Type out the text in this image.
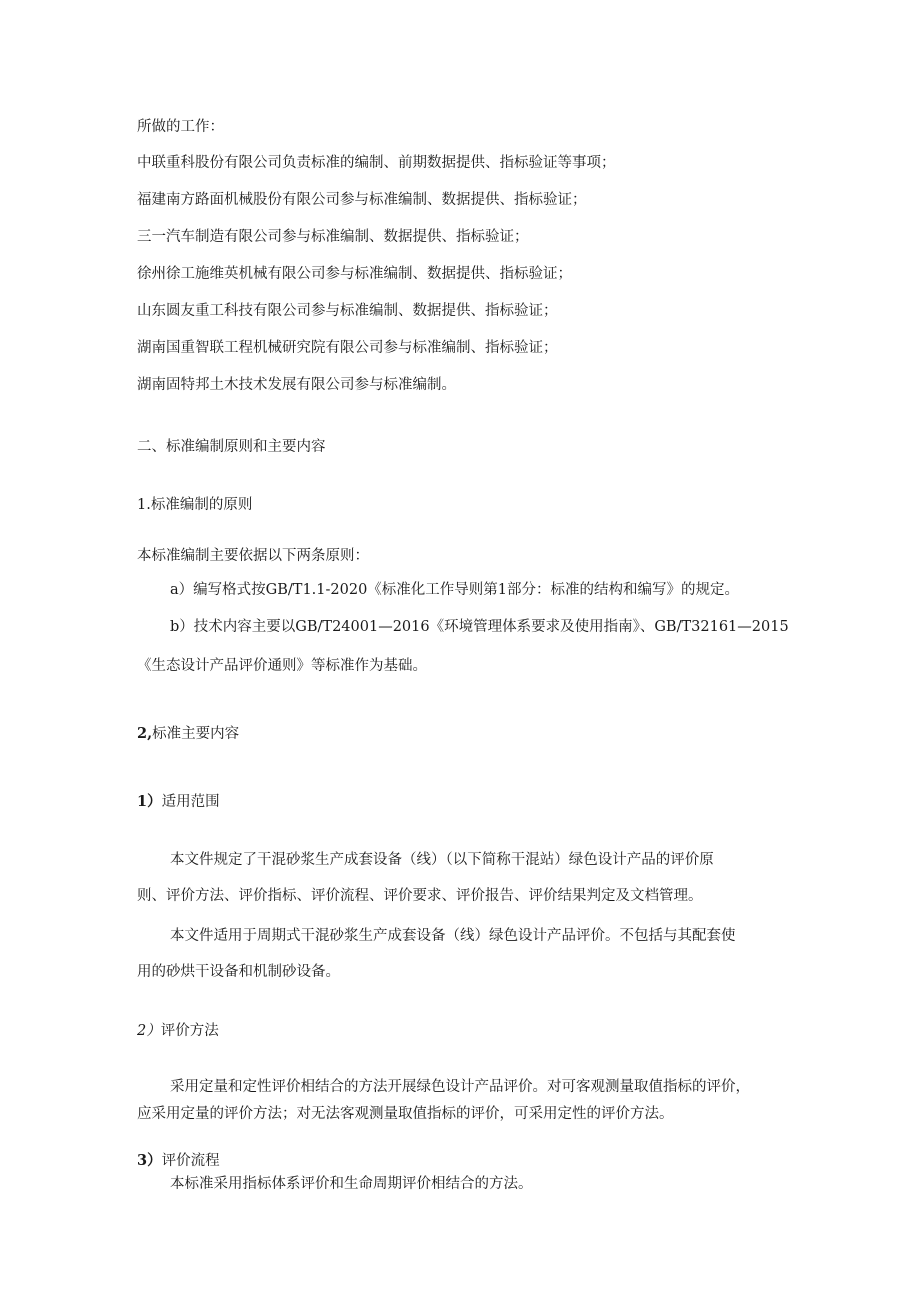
所做的工作：
中联重科股份有限公司负责标准的编制、前期数据提供、指标验证等事项；
福建南方路面机械股份有限公司参与标准编制、数据提供、指标验证；
三一汽车制造有限公司参与标准编制、数据提供、指标验证；
徐州徐工施维英机械有限公司参与标准编制、数据提供、指标验证；
山东圆友重工科技有限公司参与标准编制、数据提供、指标验证；
湖南国重智联工程机械研究院有限公司参与标准编制、指标验证；
湖南固特邦土木技术发展有限公司参与标准编制。
二、标准编制原则和主要内容
1.标准编制的原则
本标准编制主要依据以下两条原则：
a）编写格式按GB/T1.1-2020《标准化工作导则第1部分：标准的结构和编写》的规定。
b）技术内容主要以GB/T24001—2016《环境管理体系要求及使用指南》、GB/T32161—2015
《生态设计产品评价通则》等标准作为基础。
2,标准主要内容
1）适用范围
本文件规定了干混砂浆生产成套设备（线）（以下简称干混站）绿色设计产品的评价原
则、评价方法、评价指标、评价流程、评价要求、评价报告、评价结果判定及文档管理。
本文件适用于周期式干混砂浆生产成套设备（线）绿色设计产品评价。不包括与其配套使
用的砂烘干设备和机制砂设备。
2）评价方法
采用定量和定性评价相结合的方法开展绿色设计产品评价。对可客观测量取值指标的评价，
应采用定量的评价方法；对无法客观测量取值指标的评价，可采用定性的评价方法。
3）评价流程
本标准采用指标体系评价和生命周期评价相结合的方法。
